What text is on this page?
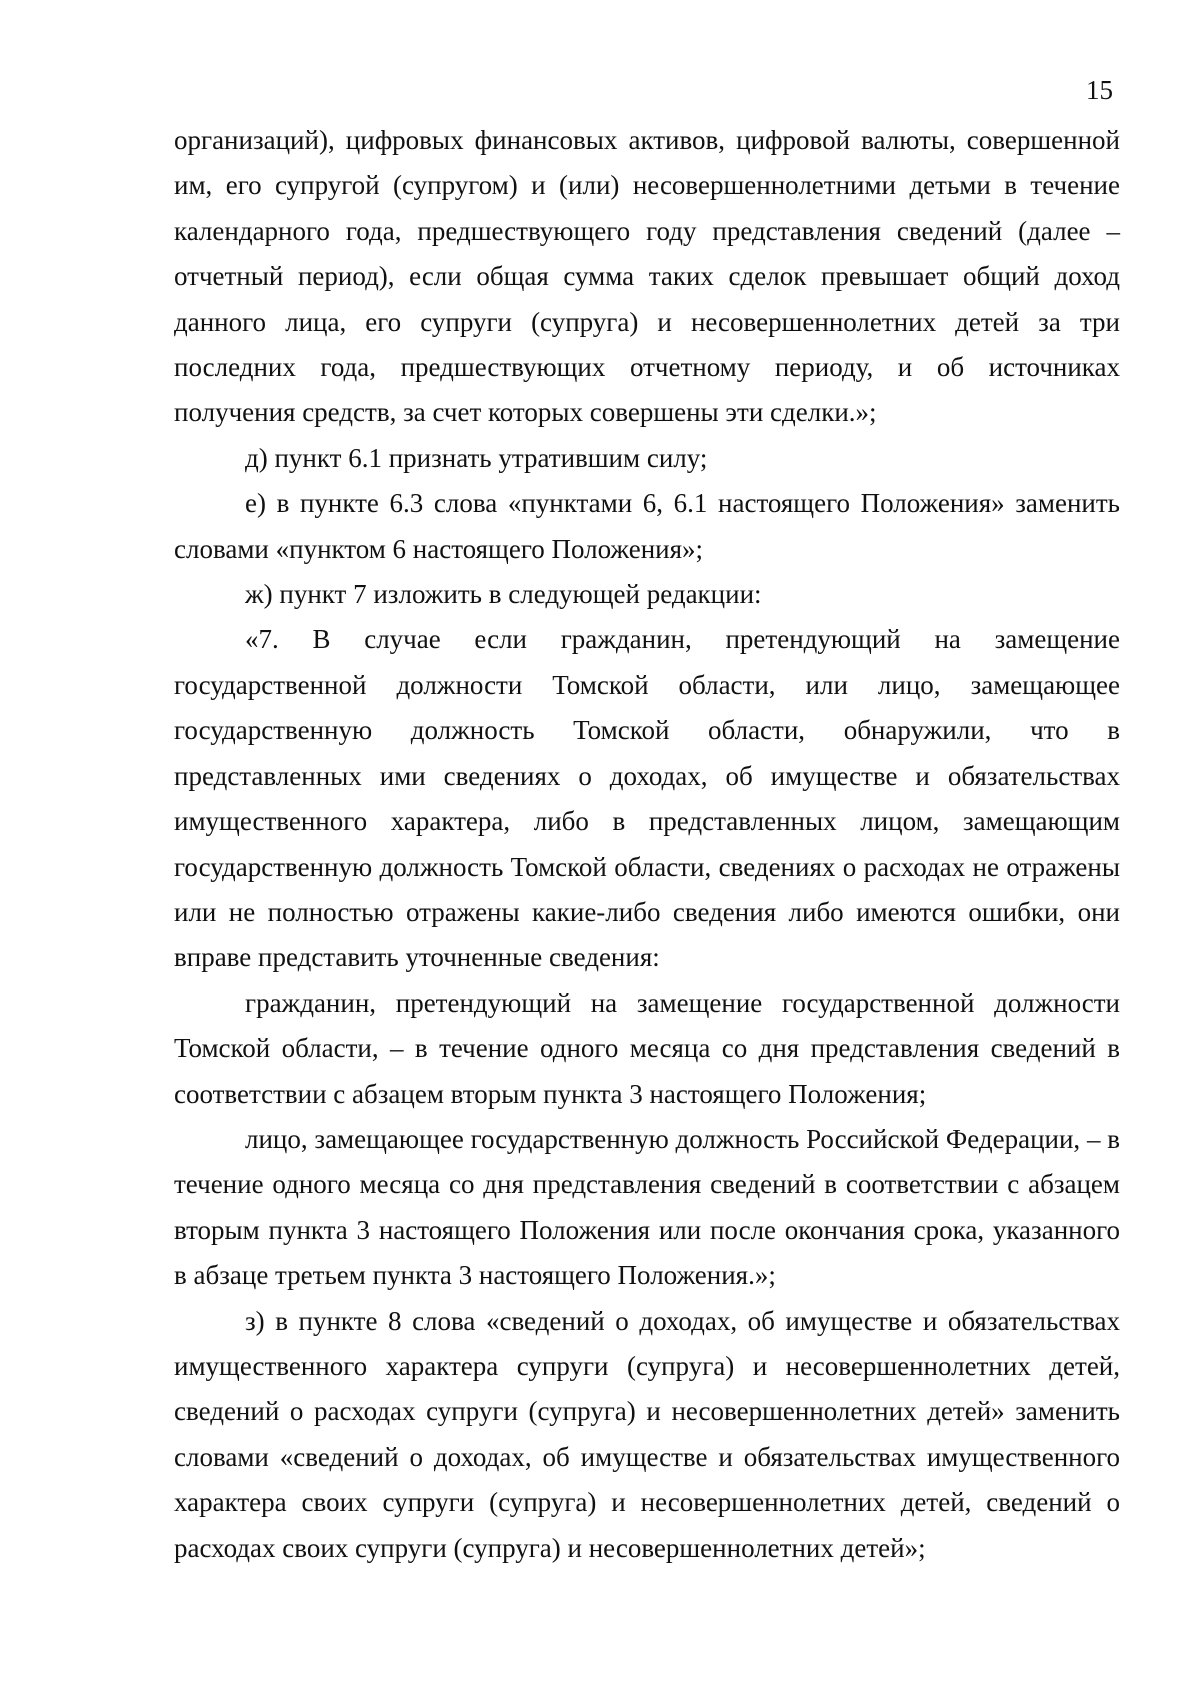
15

организаций), цифровых финансовых активов, цифровой валюты, совершенной им, его супругой (супругом) и (или) несовершеннолетними детьми в течение календарного года, предшествующего году представления сведений (далее – отчетный период), если общая сумма таких сделок превышает общий доход данного лица, его супруги (супруга) и несовершеннолетних детей за три последних года, предшествующих отчетному периоду, и об источниках получения средств, за счет которых совершены эти сделки.»;

д) пункт 6.1 признать утратившим силу;

е) в пункте 6.3 слова «пунктами 6, 6.1 настоящего Положения» заменить словами «пунктом 6 настоящего Положения»;

ж) пункт 7 изложить в следующей редакции:

«7. В случае если гражданин, претендующий на замещение государственной должности Томской области, или лицо, замещающее государственную должность Томской области, обнаружили, что в представленных ими сведениях о доходах, об имуществе и обязательствах имущественного характера, либо в представленных лицом, замещающим государственную должность Томской области, сведениях о расходах не отражены или не полностью отражены какие-либо сведения либо имеются ошибки, они вправе представить уточненные сведения:

гражданин, претендующий на замещение государственной должности Томской области, – в течение одного месяца со дня представления сведений в соответствии с абзацем вторым пункта 3 настоящего Положения;

лицо, замещающее государственную должность Российской Федерации, – в течение одного месяца со дня представления сведений в соответствии с абзацем вторым пункта 3 настоящего Положения или после окончания срока, указанного в абзаце третьем пункта 3 настоящего Положения.»;

з) в пункте 8 слова «сведений о доходах, об имуществе и обязательствах имущественного характера супруги (супруга) и несовершеннолетних детей, сведений о расходах супруги (супруга) и несовершеннолетних детей» заменить словами «сведений о доходах, об имуществе и обязательствах имущественного характера своих супруги (супруга) и несовершеннолетних детей, сведений о расходах своих супруги (супруга) и несовершеннолетних детей»;
